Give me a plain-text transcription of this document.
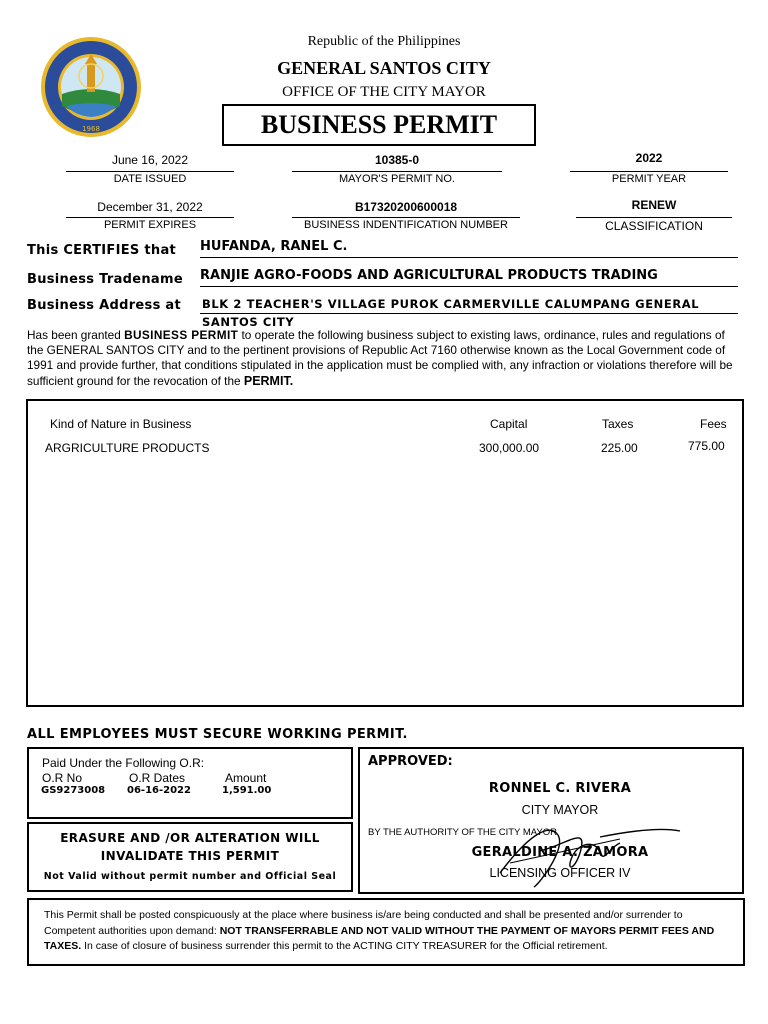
1968
Republic of the Philippines
GENERAL SANTOS CITY
OFFICE OF THE CITY MAYOR
BUSINESS PERMIT
June 16, 2022
DATE ISSUED
10385-0
MAYOR'S PERMIT NO.
2022
PERMIT YEAR
December 31, 2022
PERMIT EXPIRES
B17320200600018
BUSINESS INDENTIFICATION NUMBER
RENEW
CLASSIFICATION
This CERTIFIES that HUFANDA, RANEL C.
Business Tradename RANJIE AGRO-FOODS AND AGRICULTURAL PRODUCTS TRADING
Business Address at BLK 2 TEACHER'S VILLAGE PUROK CARMERVILLE CALUMPANG GENERAL SANTOS CITY
Has been granted BUSINESS PERMIT to operate the following business subject to existing laws, ordinance, rules and regulations of the GENERAL SANTOS CITY and to the pertinent provisions of Republic Act 7160 otherwise known as the Local Government code of 1991 and provide further, that conditions stipulated in the application must be complied with, any infraction or violations therefore will be sufficient ground for the revocation of the PERMIT.
Kind of Nature in Business	Capital	Taxes	Fees
ARGRICULTURE PRODUCTS	300,000.00	225.00	775.00
ALL EMPLOYEES MUST SECURE WORKING PERMIT.
Paid Under the Following O.R:
O.R No	O.R Dates	Amount
GS9273008 06-16-2022	1,591.00
ERASURE AND /OR ALTERATION WILL
INVALIDATE THIS PERMIT
Not Valid without permit number and Official Seal
APPROVED:
RONNEL C. RIVERA
CITY MAYOR
BY THE AUTHORITY OF THE CITY MAYOR
GERALDINE A. ZAMORA
LICENSING OFFICER IV
This Permit shall be posted conspicuously at the place where business is/are being conducted and shall be presented and/or surrender to Competent authorities upon demand: NOT TRANSFERRABLE AND NOT VALID WITHOUT THE PAYMENT OF MAYORS PERMIT FEES AND TAXES. In case of closure of business surrender this permit to the ACTING CITY TREASURER for the Official retirement.
